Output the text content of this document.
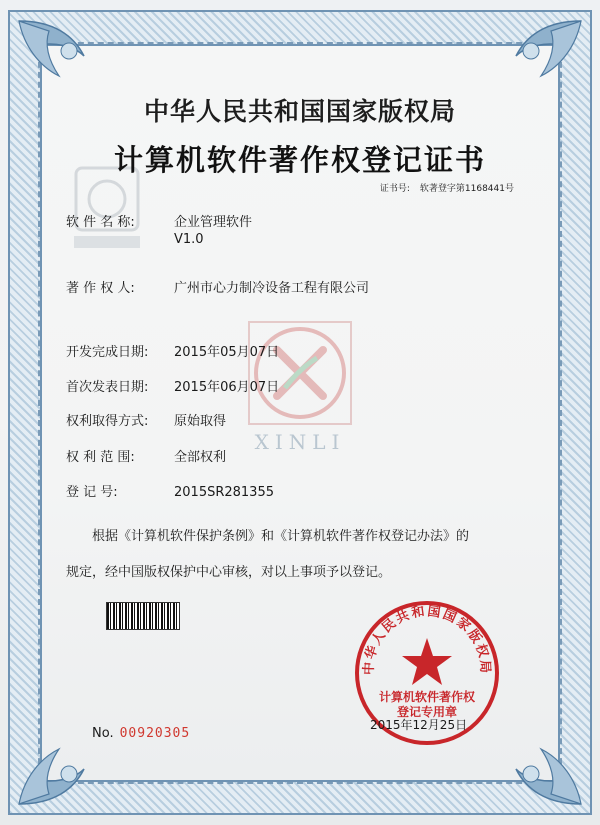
XINLI
中华人民共和国国家版权局
计算机软件著作权登记证书
证书号: 软著登字第1168441号
软 件 名 称:	企业管理软件
V1.0
著 作 权 人:	广州市心力制冷设备工程有限公司
开发完成日期: 2015年05月07日
首次发表日期: 2015年06月07日
权利取得方式: 原始取得
权 利 范 围:	全部权利
登 记 号:	2015SR281355
根据《计算机软件保护条例》和《计算机软件著作权登记办法》的
规定，经中国版权保护中心审核，对以上事项予以登记。
中华人民共和国国家版权局
计算机软件著作权
登记专用章
2015年12月25日
No. 00920305
